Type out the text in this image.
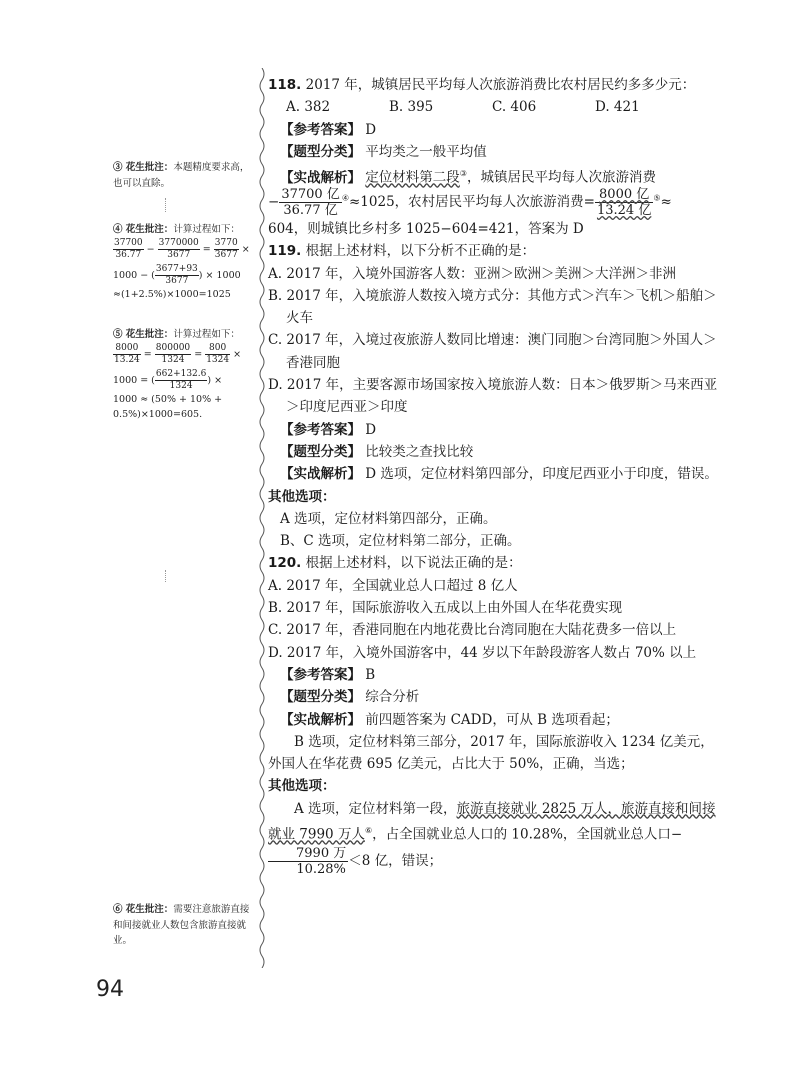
③ 花生批注：本题精度要求高，也可以直除。
④ 花生批注：计算过程如下：
$\frac{37700}{36.77} - \frac{3770000}{3677} = \frac{3770}{3677}$ ×
1000 − ( $\frac{3677+93}{3677}$ ) × 1000
≈(1+2.5%)×1000=1025
⑤ 花生批注：计算过程如下：
$\frac{8000}{13.24} = \frac{800000}{1324} = \frac{800}{1324}$ ×
1000 = ( $\frac{662+132.6}{1324}$ ) ×
1000 ≈ (50% + 10% +
0.5%)×1000=605.
⑥ 花生批注：需要注意旅游直接和间接就业人数包含旅游直接就业。

118. 2017 年，城镇居民平均每人次旅游消费比农村居民约多多少元：

A. 382	B. 395	C. 406	D. 421

【参考答案】 D

【题型分类】 平均类之一般平均值

【实战解析】 定位材料第二段③，城镇居民平均每人次旅游消费

− $\frac{\text{37700 亿}}{\text{36.77 亿}} ^④\approx 1025$，农村居民平均每人次旅游消费= $\frac{\text{8000 亿}}{\text{13.24 亿}} ^⑤\approx$

604，则城镇比乡村多 1025−604=421，答案为 D

119. 根据上述材料，以下分析不正确的是：

A. 2017 年，入境外国游客人数：亚洲＞欧洲＞美洲＞大洋洲＞非洲

B. 2017 年，入境旅游人数按入境方式分：其他方式＞汽车＞飞机＞船舶＞火车

C. 2017 年，入境过夜旅游人数同比增速：澳门同胞＞台湾同胞＞外国人＞香港同胞

D. 2017 年，主要客源市场国家按入境旅游人数：日本＞俄罗斯＞马来西亚＞印度尼西亚＞印度

【参考答案】 D

【题型分类】 比较类之查找比较

【实战解析】 D 选项，定位材料第四部分，印度尼西亚小于印度，错误。

其他选项：

A 选项，定位材料第四部分，正确。

B、C 选项，定位材料第二部分，正确。

120. 根据上述材料，以下说法正确的是：

A. 2017 年，全国就业总人口超过 8 亿人

B. 2017 年，国际旅游收入五成以上由外国人在华花费实现

C. 2017 年，香港同胞在内地花费比台湾同胞在大陆花费多一倍以上

D. 2017 年，入境外国游客中，44 岁以下年龄段游客人数占 70% 以上

【参考答案】 B

【题型分类】 综合分析

【实战解析】 前四题答案为 CADD，可从 B 选项看起；

B 选项，定位材料第三部分，2017 年，国际旅游收入 1234 亿美元，外国人在华花费 695 亿美元，占比大于 50%，正确，当选；

其他选项：

A 选项，定位材料第一段，旅游直接就业 2825 万人，旅游直接和间接就业 7990 万人⑥，占全国就业总人口的 10.28%，全国就业总人口−
$\frac{\text{7990 万}}{10.28\%} <8$ 亿，错误；

94
